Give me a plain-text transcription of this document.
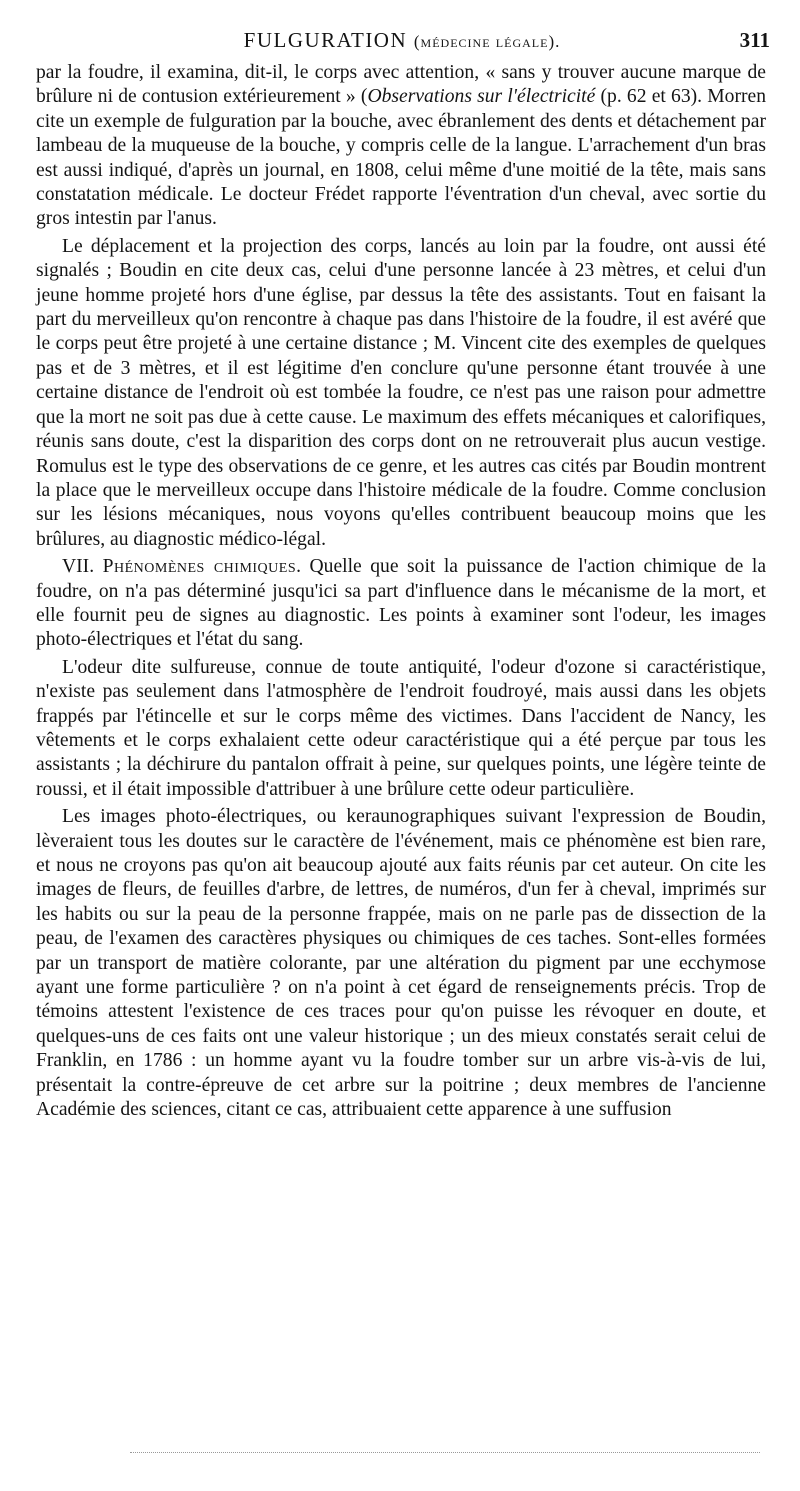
FULGURATION (médecine légale).	311

par la foudre, il examina, dit-il, le corps avec attention, « sans y trouver aucune marque de brûlure ni de contusion extérieurement » (Observations sur l'électricité (p. 62 et 63). Morren cite un exemple de fulguration par la bouche, avec ébranlement des dents et détachement par lambeau de la muqueuse de la bouche, y compris celle de la langue. L'arrachement d'un bras est aussi indiqué, d'après un journal, en 1808, celui même d'une moitié de la tête, mais sans constatation médicale. Le docteur Frédet rapporte l'éventration d'un cheval, avec sortie du gros intestin par l'anus.

Le déplacement et la projection des corps, lancés au loin par la foudre, ont aussi été signalés ; Boudin en cite deux cas, celui d'une personne lancée à 23 mètres, et celui d'un jeune homme projeté hors d'une église, par dessus la tête des assistants. Tout en faisant la part du merveilleux qu'on rencontre à chaque pas dans l'histoire de la foudre, il est avéré que le corps peut être projeté à une certaine distance ; M. Vincent cite des exemples de quelques pas et de 3 mètres, et il est légitime d'en conclure qu'une personne étant trouvée à une certaine distance de l'endroit où est tombée la foudre, ce n'est pas une raison pour admettre que la mort ne soit pas due à cette cause. Le maximum des effets mécaniques et calorifiques, réunis sans doute, c'est la disparition des corps dont on ne retrouverait plus aucun vestige. Romulus est le type des observations de ce genre, et les autres cas cités par Boudin montrent la place que le merveilleux occupe dans l'histoire médicale de la foudre. Comme conclusion sur les lésions mécaniques, nous voyons qu'elles contribuent beaucoup moins que les brûlures, au diagnostic médico-légal.

VII. Phénomènes chimiques. Quelle que soit la puissance de l'action chimique de la foudre, on n'a pas déterminé jusqu'ici sa part d'influence dans le mécanisme de la mort, et elle fournit peu de signes au diagnostic. Les points à examiner sont l'odeur, les images photo-électriques et l'état du sang.

L'odeur dite sulfureuse, connue de toute antiquité, l'odeur d'ozone si caractéristique, n'existe pas seulement dans l'atmosphère de l'endroit foudroyé, mais aussi dans les objets frappés par l'étincelle et sur le corps même des victimes. Dans l'accident de Nancy, les vêtements et le corps exhalaient cette odeur caractéristique qui a été perçue par tous les assistants ; la déchirure du pantalon offrait à peine, sur quelques points, une légère teinte de roussi, et il était impossible d'attribuer à une brûlure cette odeur particulière.

Les images photo-électriques, ou keraunographiques suivant l'expression de Boudin, lèveraient tous les doutes sur le caractère de l'événement, mais ce phénomène est bien rare, et nous ne croyons pas qu'on ait beaucoup ajouté aux faits réunis par cet auteur. On cite les images de fleurs, de feuilles d'arbre, de lettres, de numéros, d'un fer à cheval, imprimés sur les habits ou sur la peau de la personne frappée, mais on ne parle pas de dissection de la peau, de l'examen des caractères physiques ou chimiques de ces taches. Sont-elles formées par un transport de matière colorante, par une altération du pigment par une ecchymose ayant une forme particulière ? on n'a point à cet égard de renseignements précis. Trop de témoins attestent l'existence de ces traces pour qu'on puisse les révoquer en doute, et quelques-uns de ces faits ont une valeur historique ; un des mieux constatés serait celui de Franklin, en 1786 : un homme ayant vu la foudre tomber sur un arbre vis-à-vis de lui, présentait la contre-épreuve de cet arbre sur la poitrine ; deux membres de l'ancienne Académie des sciences, citant ce cas, attribuaient cette apparence à une suffusion
